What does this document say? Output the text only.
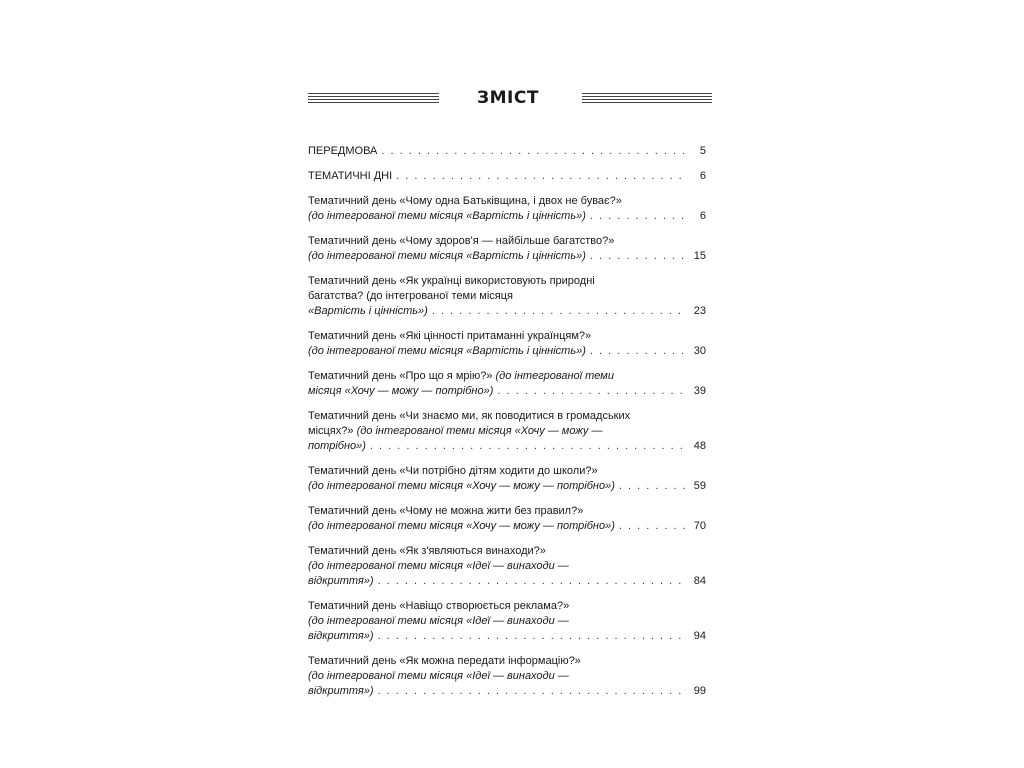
ЗМІСТ
ПЕРЕДМОВА . . .	5
ТЕМАТИЧНІ ДНІ . . .	6
Тематичний день «Чому одна Батьківщина, і двох не буває?»
(до інтегрованої теми місяця «Вартість і цінність») . . .	6
Тематичний день «Чому здоров'я — найбільше багатство?»
(до інтегрованої теми місяця «Вартість і цінність») . . .	15
Тематичний день «Як українці використовують природні
багатства? (до інтегрованої теми місяця
«Вартість і цінність») . . .	23
Тематичний день «Які цінності притаманні українцям?»
(до інтегрованої теми місяця «Вартість і цінність») . . .	30
Тематичний день «Про що я мрію?» (до інтегрованої теми
місяця «Хочу — можу — потрібно») . . .	39
Тематичний день «Чи знаємо ми, як поводитися в громадських
місцях?» (до інтегрованої теми місяця «Хочу — можу —
потрібно») . . .	48
Тематичний день «Чи потрібно дітям ходити до школи?»
(до інтегрованої теми місяця «Хочу — можу — потрібно») . . .	59
Тематичний день «Чому не можна жити без правил?»
(до інтегрованої теми місяця «Хочу — можу — потрібно») . . .	70
Тематичний день «Як з'являються винаходи?»
(до інтегрованої теми місяця «Ідеї — винаходи —
відкриття») . . .	84
Тематичний день «Навіщо створюється реклама?»
(до інтегрованої теми місяця «Ідеї — винаходи —
відкриття») . . .	94
Тематичний день «Як можна передати інформацію?»
(до інтегрованої теми місяця «Ідеї — винаходи —
відкриття») . . .	99
